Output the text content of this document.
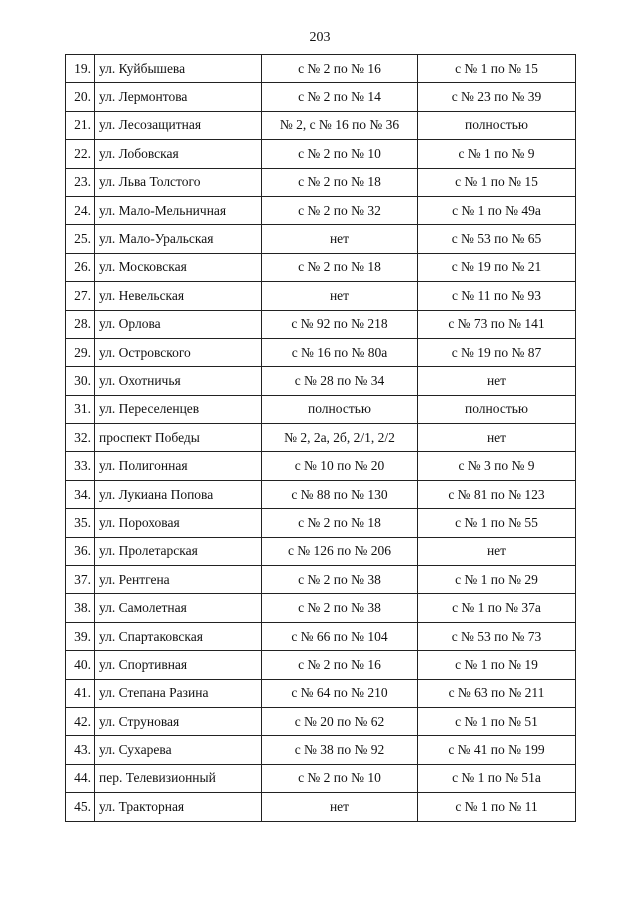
203
19.	ул. Куйбышева	с № 2 по № 16	с № 1 по № 15
20.	ул. Лермонтова	с № 2 по № 14	с № 23 по № 39
21.	ул. Лесозащитная	№ 2, с № 16 по № 36	полностью
22.	ул. Лобовская	с № 2 по № 10	с № 1 по № 9
23.	ул. Льва Толстого	с № 2 по № 18	с № 1 по № 15
24.	ул. Мало-Мельничная	с № 2 по № 32	с № 1 по № 49а
25.	ул. Мало-Уральская	нет	с № 53 по № 65
26.	ул. Московская	с № 2 по № 18	с № 19 по № 21
27.	ул. Невельская	нет	с № 11 по № 93
28.	ул. Орлова	с № 92 по № 218	с № 73 по № 141
29.	ул. Островского	с № 16 по № 80а	с № 19 по № 87
30.	ул. Охотничья	с № 28 по № 34	нет
31.	ул. Переселенцев	полностью	полностью
32.	проспект Победы	№ 2, 2а, 2б, 2/1, 2/2	нет
33.	ул. Полигонная	с № 10 по № 20	с № 3 по № 9
34.	ул. Лукиана Попова	с № 88 по № 130	с № 81 по № 123
35.	ул. Пороховая	с № 2 по № 18	с № 1 по № 55
36.	ул. Пролетарская	с № 126 по № 206	нет
37.	ул. Рентгена	с № 2 по № 38	с № 1 по № 29
38.	ул. Самолетная	с № 2 по № 38	с № 1 по № 37а
39.	ул. Спартаковская	с № 66 по № 104	с № 53 по № 73
40.	ул. Спортивная	с № 2 по № 16	с № 1 по № 19
41.	ул. Степана Разина	с № 64 по № 210	с № 63 по № 211
42.	ул. Струновая	с № 20 по № 62	с № 1 по № 51
43.	ул. Сухарева	с № 38 по № 92	с № 41 по № 199
44.	пер. Телевизионный	с № 2 по № 10	с № 1 по № 51а
45.	ул. Тракторная	нет	с № 1 по № 11
